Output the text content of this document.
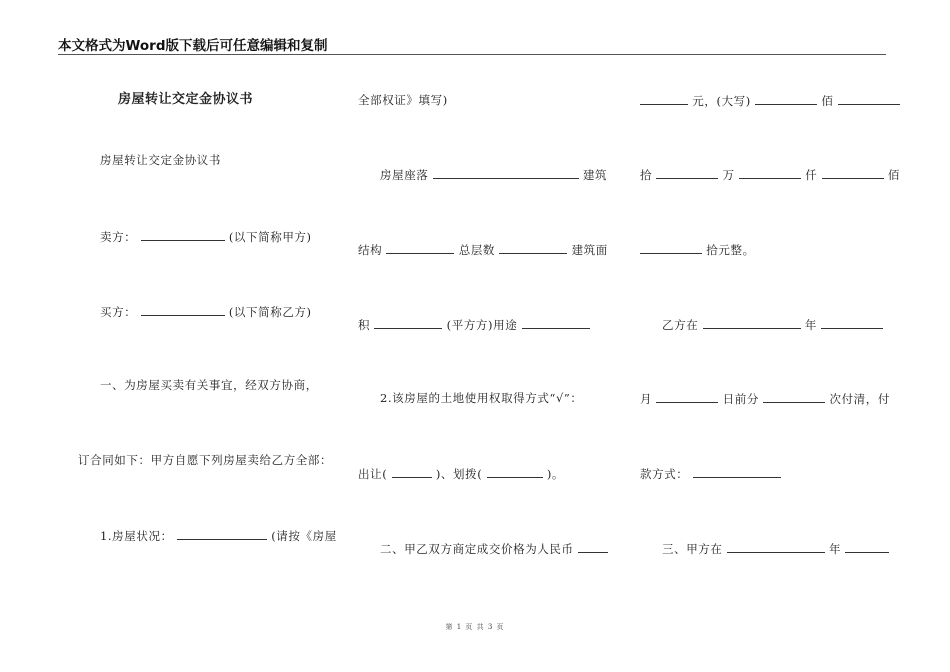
本文格式为Word版下载后可任意编辑和复制
房屋转让交定金协议书
房屋转让交定金协议书
卖方：	(以下简称甲方)
买方：	(以下简称乙方)
一、为房屋买卖有关事宜，经双方协商，
订合同如下：甲方自愿下列房屋卖给乙方全部：
1.房屋状况：	(请按《房屋
全部权证》填写)
房屋座落	建筑
结构	总层数	建筑面
积	(平方方)用途
2.该房屋的土地使用权取得方式“√”：
出让(	)、划拨(	)。
二、甲乙双方商定成交价格为人民币
元，(大写)	佰
拾	万	仟	佰
拾元整。
乙方在	年
月	日前分	次付清，付
款方式：
三、甲方在	年
第 1 页 共 3 页
